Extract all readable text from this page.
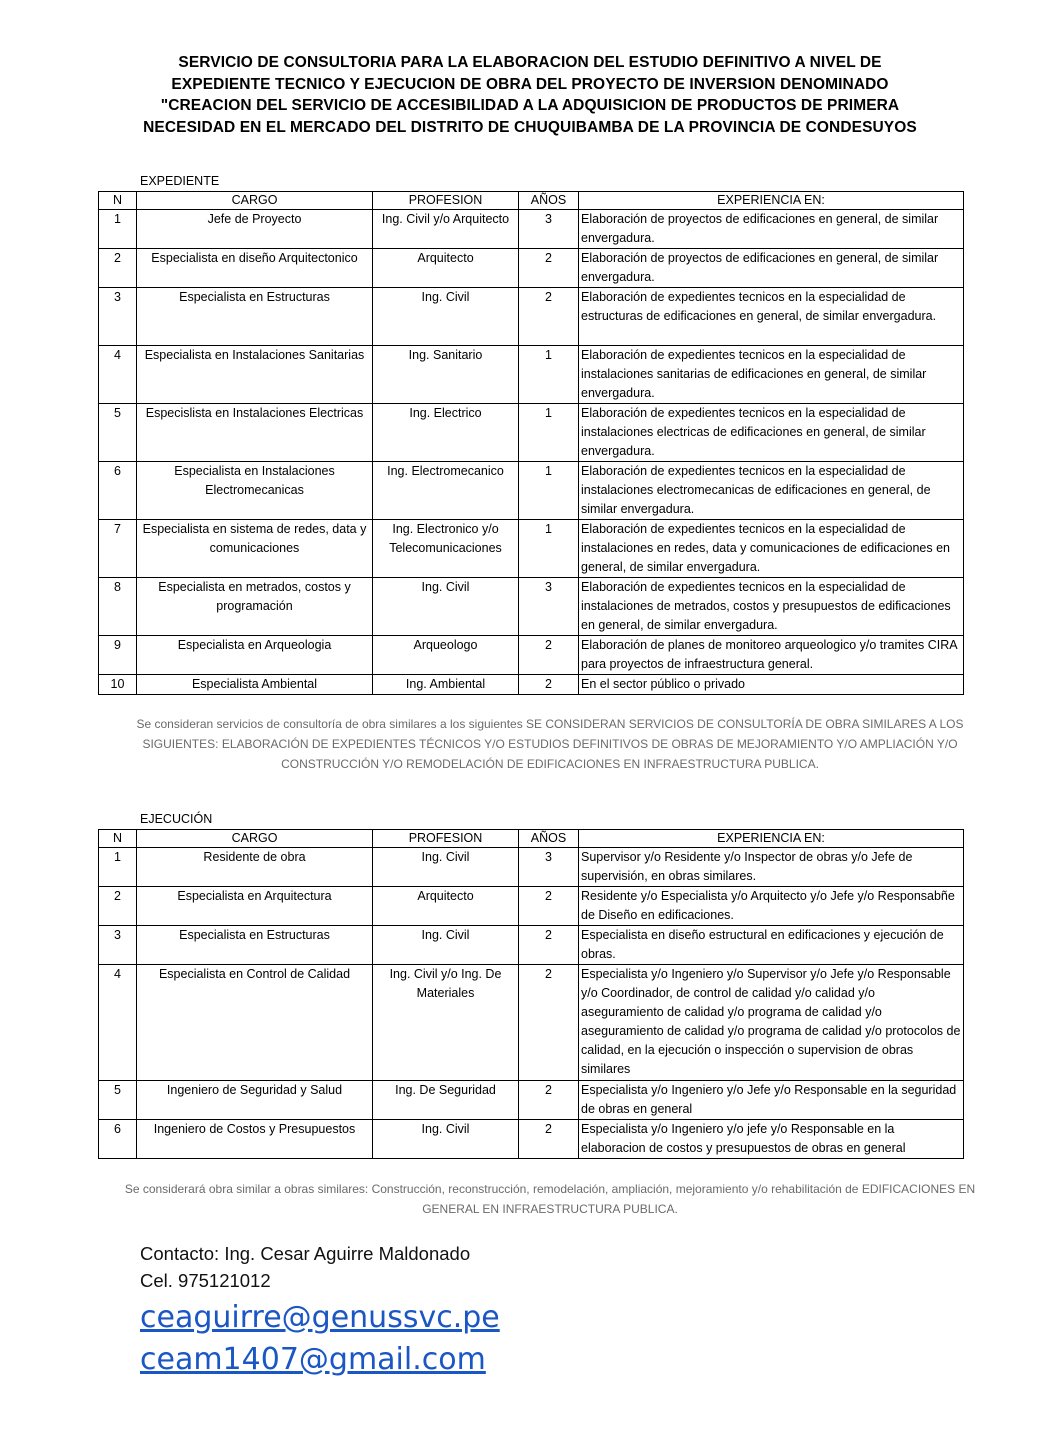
SERVICIO DE CONSULTORIA PARA LA ELABORACION DEL ESTUDIO DEFINITIVO A NIVEL DE
EXPEDIENTE TECNICO Y EJECUCION DE OBRA DEL PROYECTO DE INVERSION DENOMINADO
"CREACION DEL SERVICIO DE ACCESIBILIDAD A LA ADQUISICION DE PRODUCTOS DE PRIMERA
NECESIDAD EN EL MERCADO DEL DISTRITO DE CHUQUIBAMBA DE LA PROVINCIA DE CONDESUYOS
EXPEDIENTE
N	CARGO	PROFESION	AÑOS	EXPERIENCIA EN:
1	Jefe de Proyecto	Ing. Civil y/o Arquitecto	3	Elaboración de proyectos de edificaciones en general, de similar envergadura.
2	Especialista en diseño Arquitectonico	Arquitecto	2	Elaboración de proyectos de edificaciones en general, de similar envergadura.
3	Especialista en Estructuras	Ing. Civil	2	Elaboración de expedientes tecnicos en la especialidad de estructuras de edificaciones en general, de similar envergadura.
4	Especialista en Instalaciones Sanitarias	Ing. Sanitario	1	Elaboración de expedientes tecnicos en la especialidad de instalaciones sanitarias de edificaciones en general, de similar envergadura.
5	Especislista en Instalaciones Electricas	Ing. Electrico	1	Elaboración de expedientes tecnicos en la especialidad de instalaciones electricas de edificaciones en general, de similar envergadura.
6	Especialista en Instalaciones Electromecanicas	Ing. Electromecanico	1	Elaboración de expedientes tecnicos en la especialidad de instalaciones electromecanicas de edificaciones en general, de similar envergadura.
7	Especialista en sistema de redes, data y comunicaciones	Ing. Electronico y/o Telecomunicaciones	1	Elaboración de expedientes tecnicos en la especialidad de instalaciones en redes, data y comunicaciones de edificaciones en general, de similar envergadura.
8	Especialista en metrados, costos y programación	Ing. Civil	3	Elaboración de expedientes tecnicos en la especialidad de instalaciones de metrados, costos y presupuestos de edificaciones en general, de similar envergadura.
9	Especialista en Arqueologia	Arqueologo	2	Elaboración de planes de monitoreo arqueologico y/o tramites CIRA para proyectos de infraestructura general.
10	Especialista Ambiental	Ing. Ambiental	2	En el sector público o privado
Se consideran servicios de consultoría de obra similares a los siguientes SE CONSIDERAN SERVICIOS DE CONSULTORÍA DE OBRA SIMILARES A LOS SIGUIENTES: ELABORACIÓN DE EXPEDIENTES TÉCNICOS Y/O ESTUDIOS DEFINITIVOS DE OBRAS DE MEJORAMIENTO Y/O AMPLIACIÓN Y/O CONSTRUCCIÓN Y/O REMODELACIÓN DE EDIFICACIONES EN INFRAESTRUCTURA PUBLICA.
EJECUCIÓN
N	CARGO	PROFESION	AÑOS	EXPERIENCIA EN:
1	Residente de obra	Ing. Civil	3	Supervisor y/o Residente y/o Inspector de obras y/o Jefe de supervisión, en obras similares.
2	Especialista en Arquitectura	Arquitecto	2	Residente y/o Especialista y/o Arquitecto y/o Jefe y/o Responsabñe de Diseño en edificaciones.
3	Especialista en Estructuras	Ing. Civil	2	Especialista en diseño estructural en edificaciones y ejecución de obras.
4	Especialista en Control de Calidad	Ing. Civil y/o Ing. De Materiales	2	Especialista y/o Ingeniero y/o Supervisor y/o Jefe y/o Responsable y/o Coordinador, de control de calidad y/o calidad y/o aseguramiento de calidad y/o programa de calidad y/o aseguramiento de calidad y/o programa de calidad y/o protocolos de calidad, en la ejecución o inspección o supervision de obras similares
5	Ingeniero de Seguridad y Salud	Ing. De Seguridad	2	Especialista y/o Ingeniero y/o Jefe y/o Responsable en la seguridad de obras en general
6	Ingeniero de Costos y Presupuestos	Ing. Civil	2	Especialista y/o Ingeniero y/o jefe y/o Responsable en la elaboracion de costos y presupuestos de obras en general
Se considerará obra similar a obras similares: Construcción, reconstrucción, remodelación, ampliación, mejoramiento y/o rehabilitación de EDIFICACIONES EN GENERAL EN INFRAESTRUCTURA PUBLICA.
Contacto: Ing. Cesar Aguirre Maldonado
Cel. 975121012
ceaguirre@genussvc.pe
ceam1407@gmail.com
